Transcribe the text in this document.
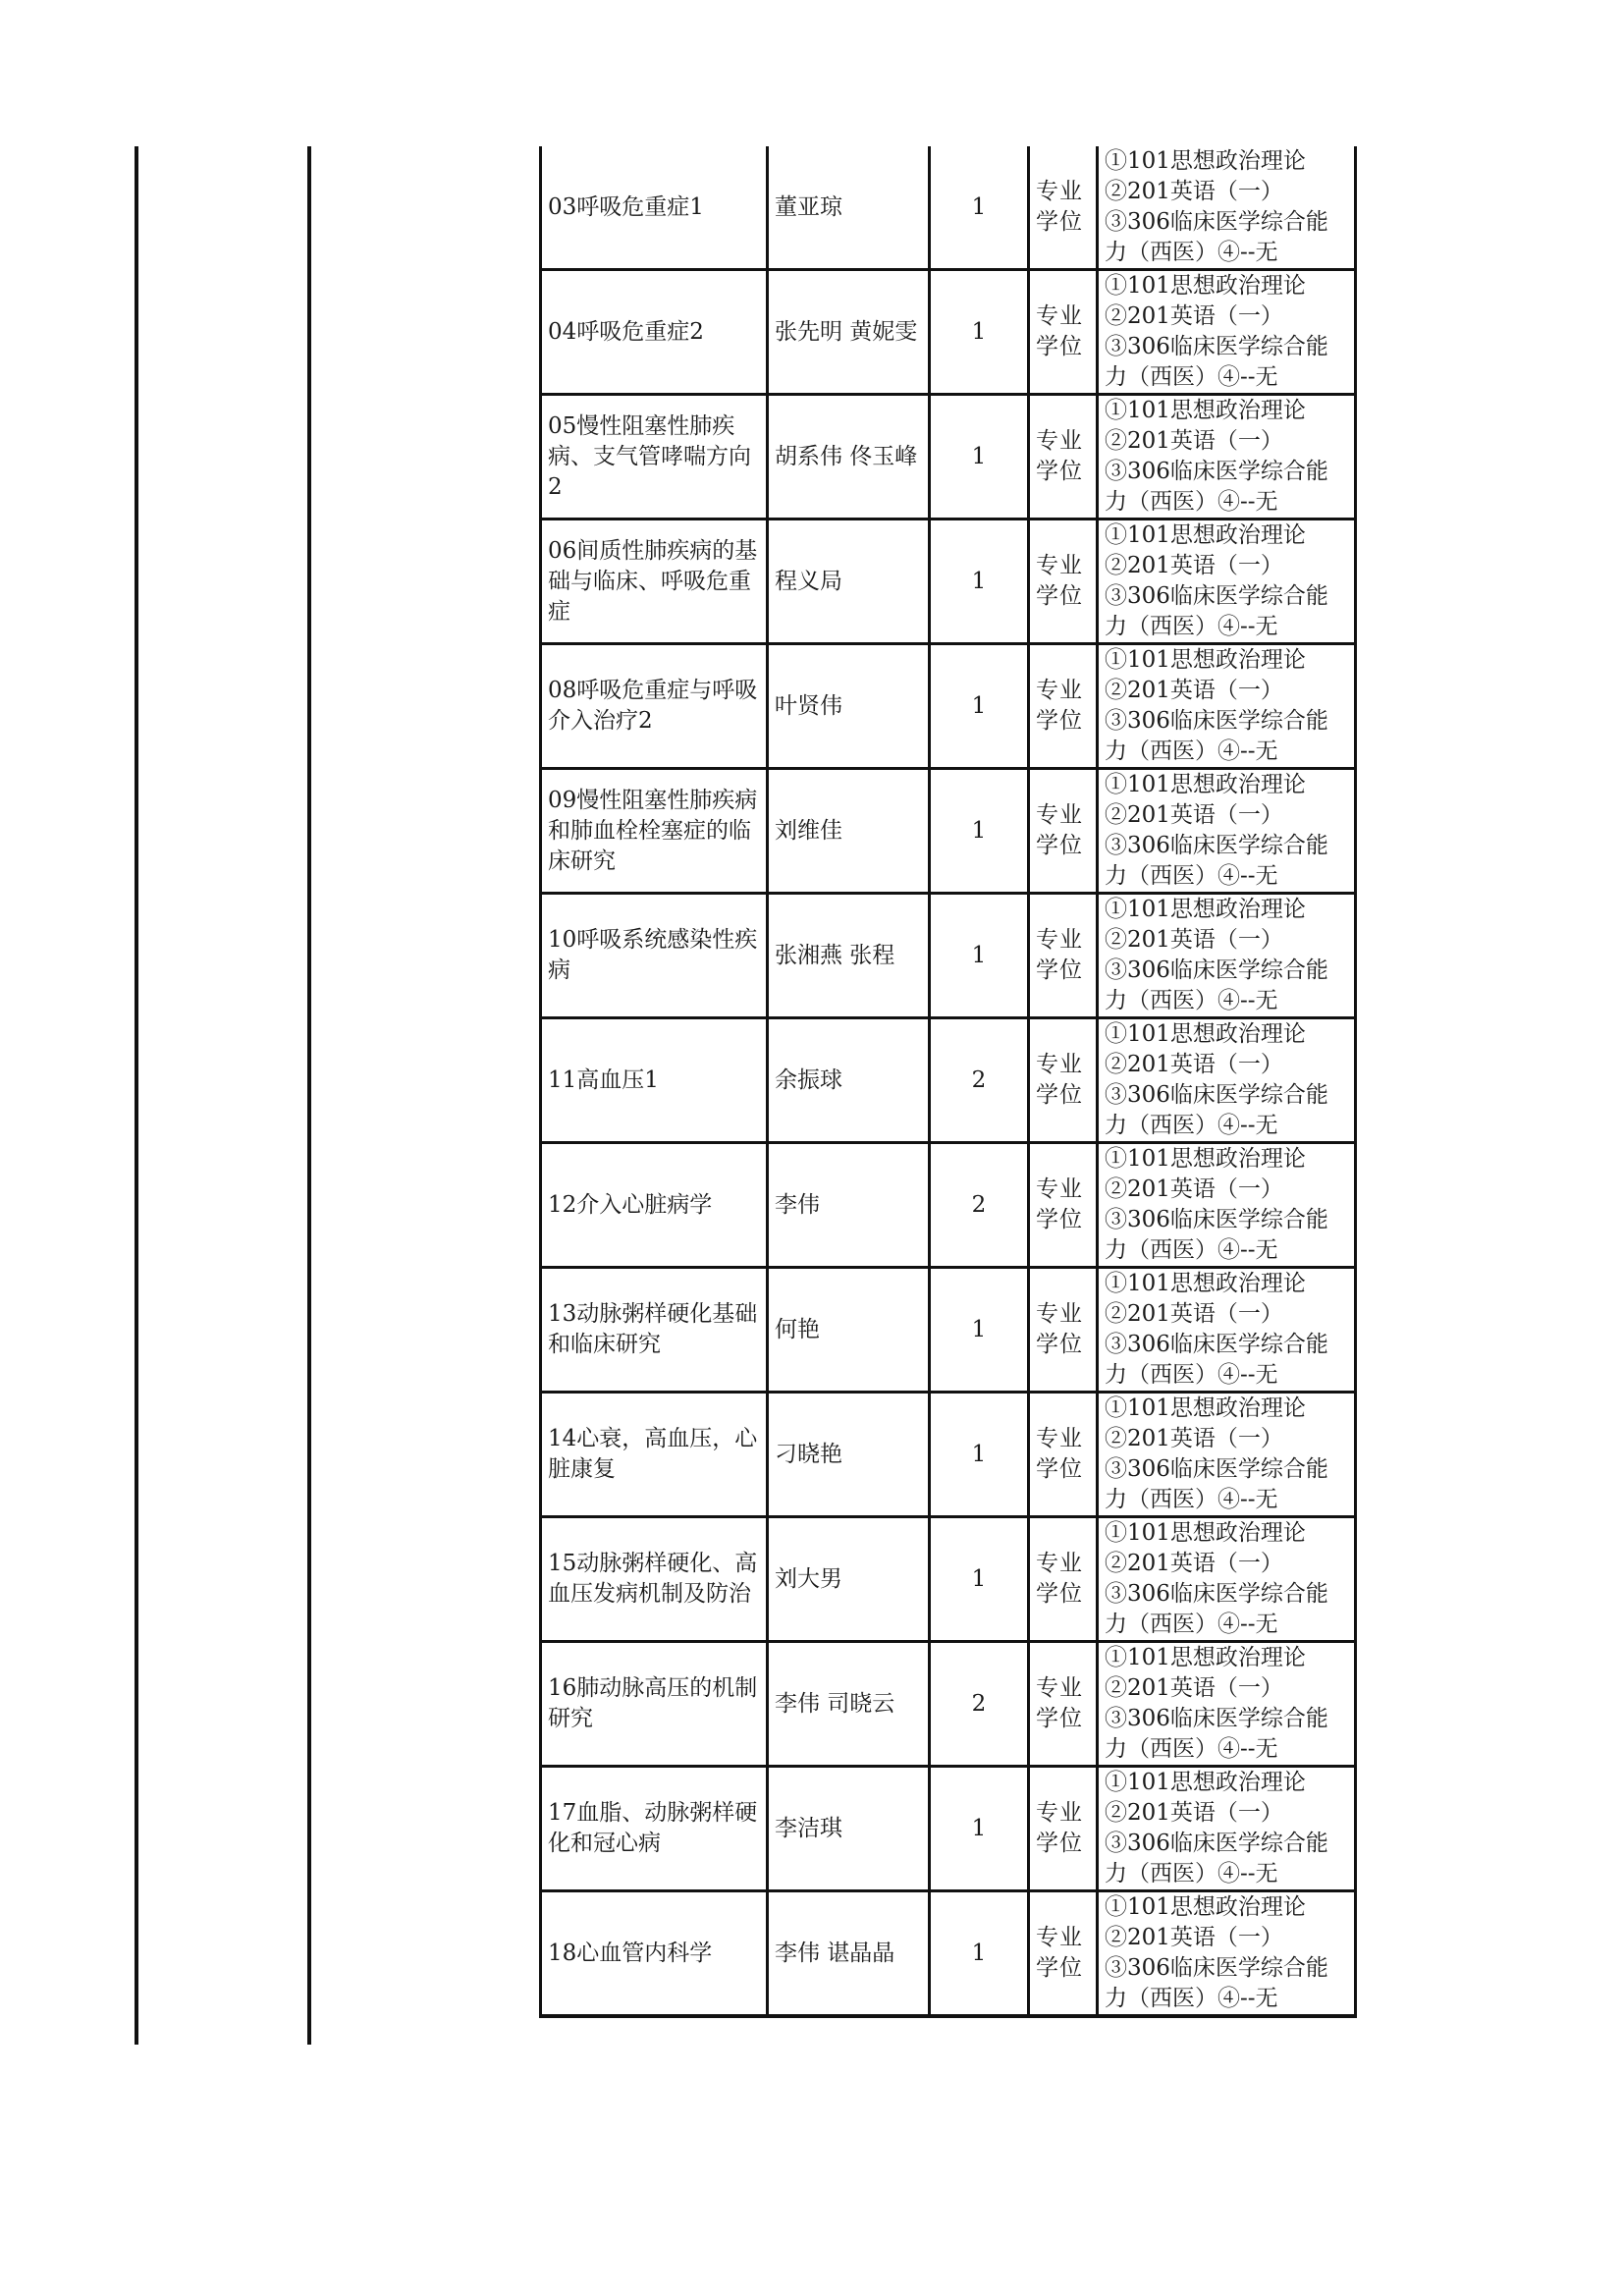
03呼吸危重症1	董亚琼	1	专业学位	①101思想政治理论②201英语（一）③306临床医学综合能力（西医）④--无
04呼吸危重症2	张先明 黄妮雯	1	专业学位	①101思想政治理论②201英语（一）③306临床医学综合能力（西医）④--无
05慢性阻塞性肺疾病、支气管哮喘方向2	胡系伟 佟玉峰	1	专业学位	①101思想政治理论②201英语（一）③306临床医学综合能力（西医）④--无
06间质性肺疾病的基础与临床、呼吸危重症	程义局	1	专业学位	①101思想政治理论②201英语（一）③306临床医学综合能力（西医）④--无
08呼吸危重症与呼吸介入治疗2	叶贤伟	1	专业学位	①101思想政治理论②201英语（一）③306临床医学综合能力（西医）④--无
09慢性阻塞性肺疾病和肺血栓栓塞症的临床研究	刘维佳	1	专业学位	①101思想政治理论②201英语（一）③306临床医学综合能力（西医）④--无
10呼吸系统感染性疾病	张湘燕 张程	1	专业学位	①101思想政治理论②201英语（一）③306临床医学综合能力（西医）④--无
11高血压1	余振球	2	专业学位	①101思想政治理论②201英语（一）③306临床医学综合能力（西医）④--无
12介入心脏病学	李伟	2	专业学位	①101思想政治理论②201英语（一）③306临床医学综合能力（西医）④--无
13动脉粥样硬化基础和临床研究	何艳	1	专业学位	①101思想政治理论②201英语（一）③306临床医学综合能力（西医）④--无
14心衰，高血压，心脏康复	刁晓艳	1	专业学位	①101思想政治理论②201英语（一）③306临床医学综合能力（西医）④--无
15动脉粥样硬化、高血压发病机制及防治	刘大男	1	专业学位	①101思想政治理论②201英语（一）③306临床医学综合能力（西医）④--无
16肺动脉高压的机制研究	李伟 司晓云	2	专业学位	①101思想政治理论②201英语（一）③306临床医学综合能力（西医）④--无
17血脂、动脉粥样硬化和冠心病	李洁琪	1	专业学位	①101思想政治理论②201英语（一）③306临床医学综合能力（西医）④--无
18心血管内科学	李伟 谌晶晶	1	专业学位	①101思想政治理论②201英语（一）③306临床医学综合能力（西医）④--无
